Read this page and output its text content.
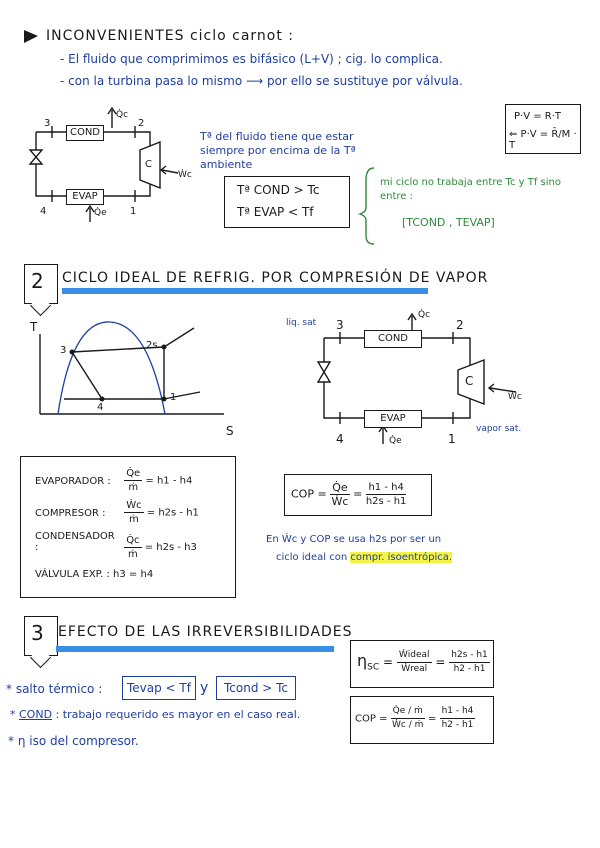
INCONVENIENTES ciclo carnot :
- El fluido que comprimimos es bifásico (L+V) ; cig. lo complica.
- con la turbina pasa lo mismo ⟶ por ello se sustituye por válvula.
P·V = R·T
⇐ P·V = R̄/M · T
3	2
4	1
COND
EVAP
C
Q̇c
Ẇc
Q̇e
Tª del fluido tiene que estar siempre por encima de la Tª ambiente
Tª COND > Tc
Tª EVAP < Tf
mi ciclo no trabaja entre Tc y Tf sino entre :
[TCOND , TEVAP]
2 CICLO IDEAL DE REFRIG. POR COMPRESIÓN DE VAPOR
T
S
3	2s
4
1
liq. sat
vapor sat.
3	2
4	1
COND
EVAP
C
Q̇c
Ẇc
Q̇e
EVAPORADOR : $\frac{Q̇e}{\text{ṁ}} = h1 - h4$
COMPRESOR : $\frac{\text{Ẇc}}{\text{ṁ}} = h2s - h1$
CONDENSADOR :	$\frac{Q̇c}{\text{ṁ}} = h2s - h3$
VÁLVULA EXP. : h3 = h4
COP = $\frac{Q̇e}{\text{Ẇc}} = \frac{h1 - h4}{h2s - h1}$
En Ẇc y COP se usa h2s por ser un
ciclo ideal con compr. isoentrópica.
3 EFECTO DE LAS IRREVERSIBILIDADES
$\eta_{SC} = \frac{\text{Ẇideal}}{\text{Ẇreal}} = \frac{h2s - h1}{h2 - h1}$
* salto térmico :	Tevap < Tf y	Tcond > Tc
* COND : trabajo requerido es mayor en el caso real.
* η iso del compresor.
COP = $\frac{\text{Q̇e / ṁ}}{\text{Ẇc / ṁ}} = \frac{h1 - h4}{h2 - h1}$
